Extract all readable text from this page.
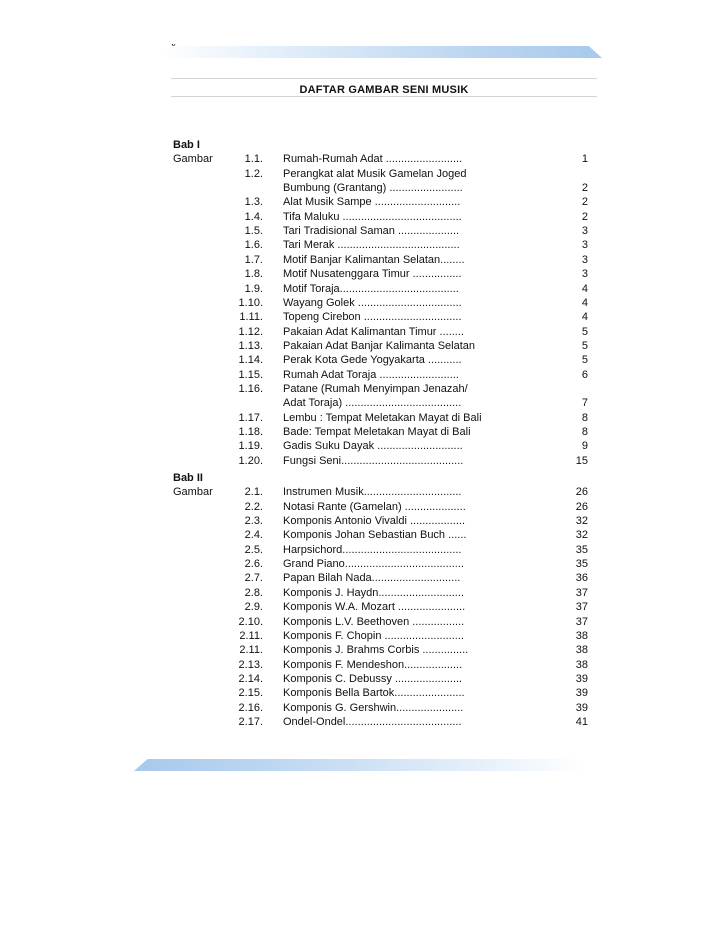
DAFTAR GAMBAR SENI MUSIK
Bab I
Gambar	1.1. Rumah-Rumah Adat .........................	1
1.2. Perangkat alat Musik Gamelan Joged
Bumbung (Grantang) ........................	2
1.3. Alat Musik Sampe ............................	2
1.4. Tifa Maluku .......................................	2
1.5. Tari Tradisional Saman ....................	3
1.6. Tari Merak ........................................	3
1.7. Motif Banjar Kalimantan Selatan........	3
1.8. Motif Nusatenggara Timur ................	3
1.9. Motif Toraja.......................................	4
1.10. Wayang Golek ..................................	4
1.11. Topeng Cirebon ................................	4
1.12. Pakaian Adat Kalimantan Timur ........	5
1.13. Pakaian Adat Banjar Kalimanta Selatan	5
1.14. Perak Kota Gede Yogyakarta ...........	5
1.15. Rumah Adat Toraja ..........................	6
1.16. Patane (Rumah Menyimpan Jenazah/
Adat Toraja) ......................................	7
1.17. Lembu : Tempat Meletakan Mayat di Bali	8
1.18. Bade: Tempat Meletakan Mayat di Bali	8
1.19. Gadis Suku Dayak ............................	9
1.20. Fungsi Seni........................................	15
Bab II
Gambar	2.1. Instrumen Musik................................	26
2.2. Notasi Rante (Gamelan) ....................	26
2.3. Komponis Antonio Vivaldi ..................	32
2.4. Komponis Johan Sebastian Buch ......	32
2.5. Harpsichord.......................................	35
2.6. Grand Piano.......................................	35
2.7. Papan Bilah Nada.............................	36
2.8. Komponis J. Haydn............................	37
2.9. Komponis W.A. Mozart ......................	37
2.10. Komponis L.V. Beethoven .................	37
2.11. Komponis F. Chopin ..........................	38
2.11. Komponis J. Brahms Corbis ...............	38
2.13. Komponis F. Mendeshon...................	38
2.14. Komponis C. Debussy ......................	39
2.15. Komponis Bella Bartok.......................	39
2.16. Komponis G. Gershwin......................	39
2.17. Ondel-Ondel......................................	41
